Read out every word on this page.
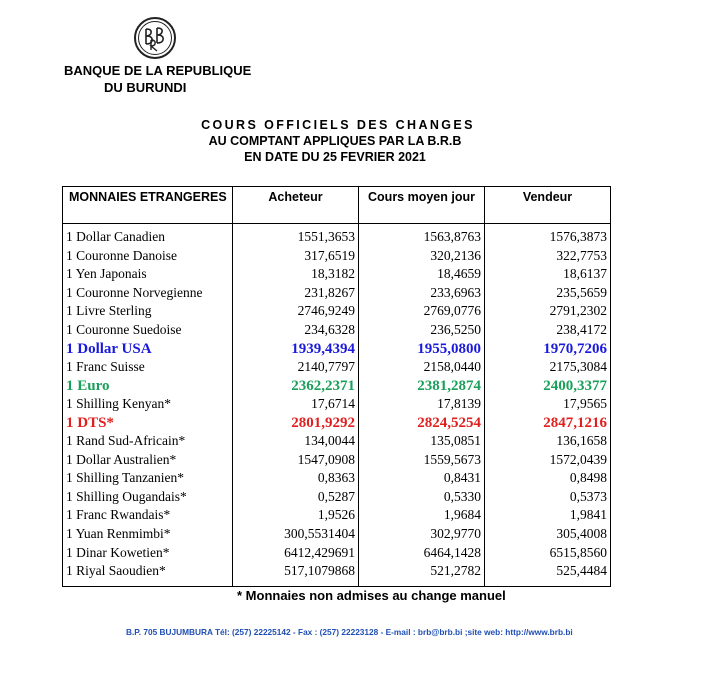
BANQUE DE LA REPUBLIQUE
DU BURUNDI
COURS OFFICIELS DES CHANGES
AU COMPTANT APPLIQUES PAR LA B.R.B
EN DATE DU 25 FEVRIER 2021
MONNAIES ETRANGERES	Acheteur	Cours moyen jour	Vendeur

1 Dollar Canadien	1551,3653	1563,8763	1576,3873
1 Couronne Danoise	317,6519	320,2136	322,7753
1 Yen Japonais	18,3182	18,4659	18,6137
1 Couronne Norvegienne	231,8267	233,6963	235,5659
1 Livre Sterling	2746,9249	2769,0776	2791,2302
1 Couronne Suedoise	234,6328	236,5250	238,4172
1 Dollar USA	1939,4394	1955,0800	1970,7206
1 Franc Suisse	2140,7797	2158,0440	2175,3084
1 Euro	2362,2371	2381,2874	2400,3377
1 Shilling Kenyan*	17,6714	17,8139	17,9565
1 DTS*	2801,9292	2824,5254	2847,1216
1 Rand Sud-Africain*	134,0044	135,0851	136,1658
1 Dollar Australien*	1547,0908	1559,5673	1572,0439
1 Shilling Tanzanien*	0,8363	0,8431	0,8498
1 Shilling Ougandais*	0,5287	0,5330	0,5373
1 Franc Rwandais*	1,9526	1,9684	1,9841
1 Yuan Renmimbi*	300,5531404	302,9770	305,4008
1 Dinar Kowetien*	6412,429691	6464,1428	6515,8560
1 Riyal Saoudien*	517,1079868	521,2782	525,4484
* Monnaies non admises au change manuel
B.P. 705 BUJUMBURA Tél: (257) 22225142 - Fax : (257) 22223128 - E-mail : brb@brb.bi ;site web: http://www.brb.bi
